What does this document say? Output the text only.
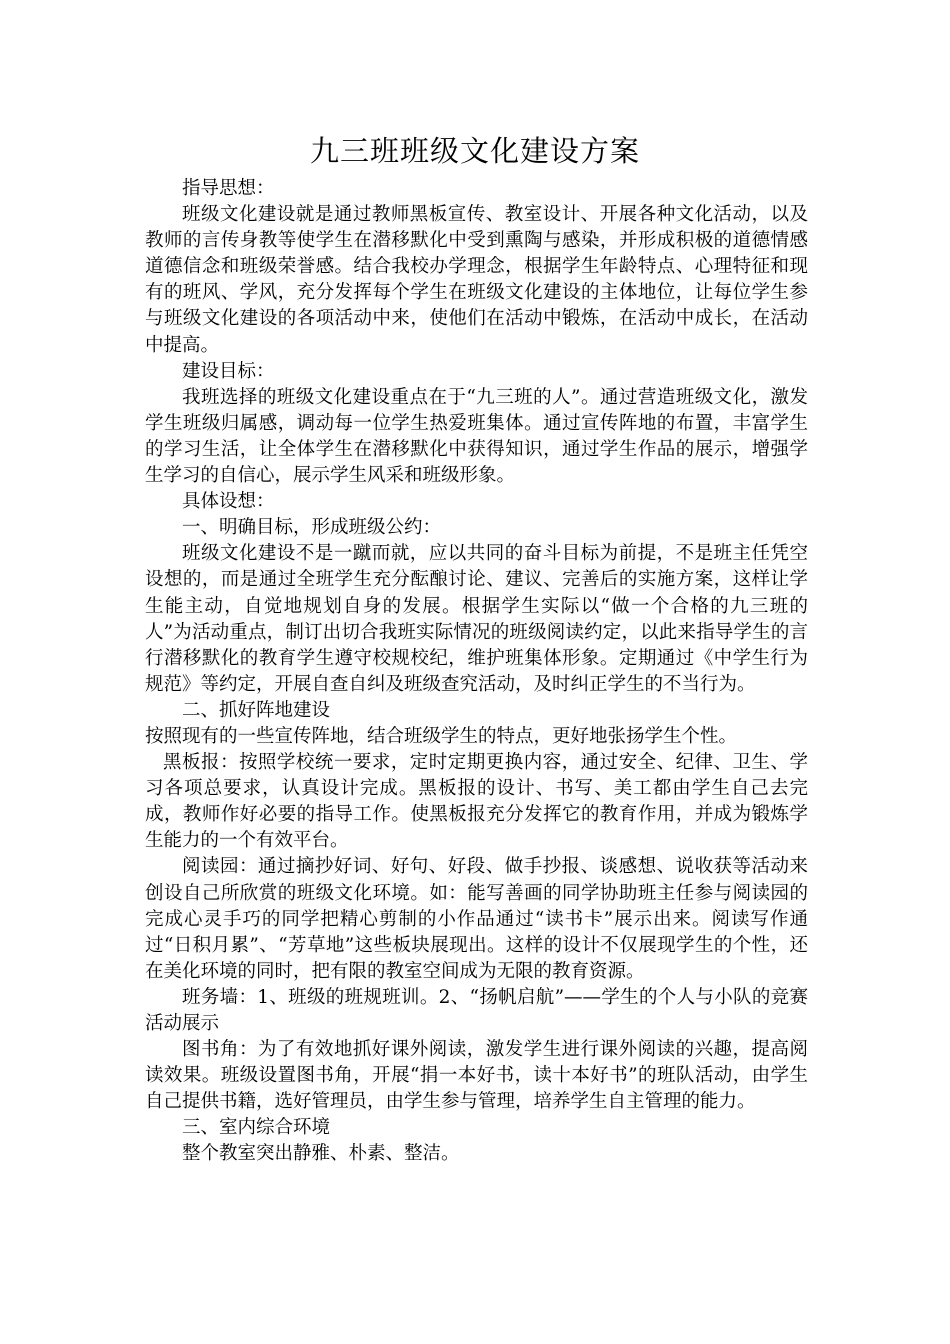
九三班班级文化建设方案

指导思想：

班级文化建设就是通过教师黑板宣传、教室设计、开展各种文化活动，以及教师的言传身教等使学生在潜移默化中受到熏陶与感染，并形成积极的道德情感道德信念和班级荣誉感。结合我校办学理念，根据学生年龄特点、心理特征和现有的班风、学风，充分发挥每个学生在班级文化建设的主体地位，让每位学生参与班级文化建设的各项活动中来，使他们在活动中锻炼，在活动中成长，在活动中提高。

建设目标：

我班选择的班级文化建设重点在于“九三班的人”。通过营造班级文化，激发学生班级归属感，调动每一位学生热爱班集体。通过宣传阵地的布置，丰富学生的学习生活，让全体学生在潜移默化中获得知识，通过学生作品的展示，增强学生学习的自信心，展示学生风采和班级形象。

具体设想：

一、明确目标，形成班级公约：

班级文化建设不是一蹴而就，应以共同的奋斗目标为前提，不是班主任凭空设想的，而是通过全班学生充分酝酿讨论、建议、完善后的实施方案，这样让学生能主动，自觉地规划自身的发展。根据学生实际以“做一个合格的九三班的人”为活动重点，制订出切合我班实际情况的班级阅读约定，以此来指导学生的言行潜移默化的教育学生遵守校规校纪，维护班集体形象。定期通过《中学生行为规范》等约定，开展自查自纠及班级查究活动，及时纠正学生的不当行为。

二、抓好阵地建设

按照现有的一些宣传阵地，结合班级学生的特点，更好地张扬学生个性。

黑板报：按照学校统一要求，定时定期更换内容，通过安全、纪律、卫生、学习各项总要求，认真设计完成。黑板报的设计、书写、美工都由学生自己去完成，教师作好必要的指导工作。使黑板报充分发挥它的教育作用，并成为锻炼学生能力的一个有效平台。

阅读园：通过摘抄好词、好句、好段、做手抄报、谈感想、说收获等活动来创设自己所欣赏的班级文化环境。如：能写善画的同学协助班主任参与阅读园的完成心灵手巧的同学把精心剪制的小作品通过“读书卡”展示出来。阅读写作通过“日积月累”、“芳草地”这些板块展现出。这样的设计不仅展现学生的个性，还在美化环境的同时，把有限的教室空间成为无限的教育资源。

班务墙：1、班级的班规班训。2、“扬帆启航”——学生的个人与小队的竞赛活动展示

图书角：为了有效地抓好课外阅读，激发学生进行课外阅读的兴趣，提高阅读效果。班级设置图书角，开展“捐一本好书，读十本好书”的班队活动，由学生自己提供书籍，选好管理员，由学生参与管理，培养学生自主管理的能力。

三、室内综合环境

整个教室突出静雅、朴素、整洁。
